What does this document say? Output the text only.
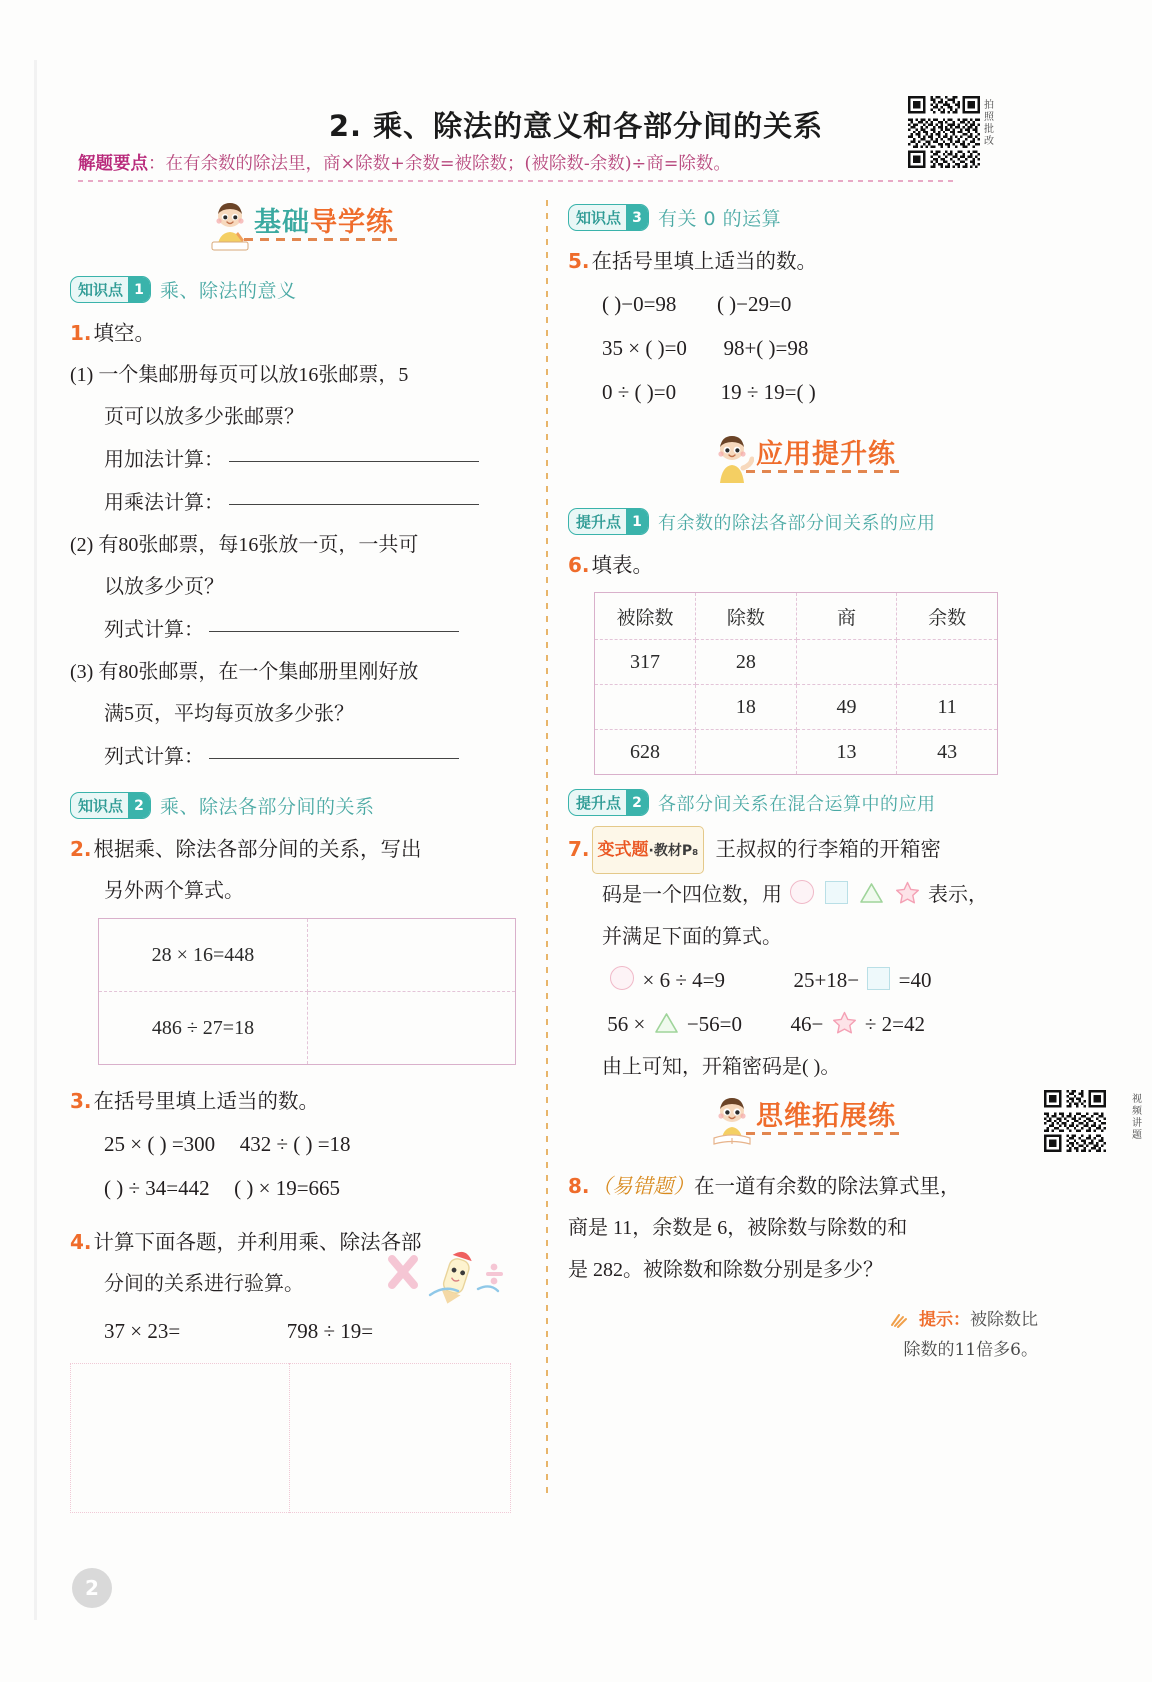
2. 乘、除法的意义和各部分间的关系
拍照批改
解题要点：在有余数的除法里，商×除数+余数=被除数；(被除数-余数)÷商=除数。
基础导学练
知识点 1 乘、除法的意义
1.填空。
(1) 一个集邮册每页可以放16张邮票，5
页可以放多少张邮票？
用加法计算：
用乘法计算：
(2) 有80张邮票，每16张放一页，一共可
以放多少页？
列式计算：
(3) 有80张邮票，在一个集邮册里刚好放
满5页，平均每页放多少张？
列式计算：
知识点 2 乘、除法各部分间的关系
2.根据乘、除法各部分间的关系，写出
另外两个算式。
28 × 16=448	
486 ÷ 27=18	
3.在括号里填上适当的数。
25 × ( ) =300 432 ÷ ( ) =18
( ) ÷ 34=442 ( ) × 19=665
4.计算下面各题，并利用乘、除法各部
分间的关系进行验算。
37 × 23=	798 ÷ 19=
知识点 3 有关 0 的运算
5.在括号里填上适当的数。
( )−0=98 ( )−29=0
35 × ( )=0 98+( )=98
0 ÷ ( )=0 19 ÷ 19=( )
应用提升练
提升点 1 有余数的除法各部分间关系的应用
6.填表。
被除数	除数	商	余数
317	28		
	18	49	11
628		13	43
提升点 2 各部分间关系在混合运算中的应用
7. 变式题·教材P₈ 王叔叔的行李箱的开箱密
码是一个四位数，用	表示，
并满足下面的算式。
× 6 ÷ 4=9	25+18− =40
56 ×  −56=0 46− ÷ 2=42
由上可知，开箱密码是( )。
思维拓展练
8.（易错题）在一道有余数的除法算式里，
商是 11，余数是 6，被除数与除数的和
是 282。被除数和除数分别是多少？
提示：被除数比
除数的11倍多6。
视频讲题
2
